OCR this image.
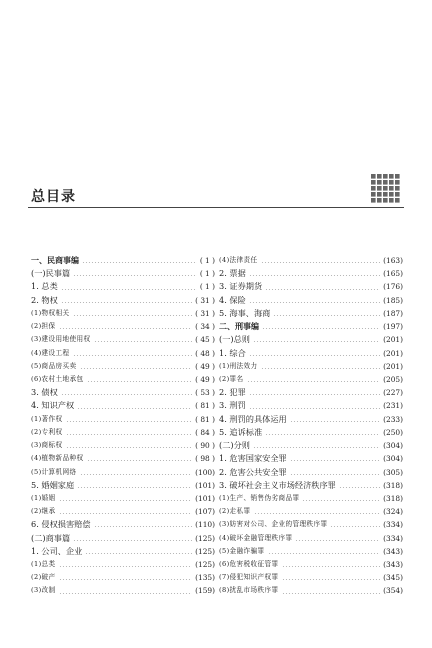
总目录
一、民商事编	( 1 )
(一)民事篇	( 1 )
1. 总类	( 1 )
2. 物权	( 31 )
(1)物权相关	( 31 )
(2)担保	( 34 )
(3)建设用地使用权	( 45 )
(4)建设工程	( 48 )
(5)商品房买卖	( 49 )
(6)农村土地承包	( 49 )
3. 债权	( 53 )
4. 知识产权	( 81 )
(1)著作权	( 81 )
(2)专利权	( 84 )
(3)商标权	( 90 )
(4)植物新品种权	( 98 )
(5)计算机网络	(100)
5. 婚姻家庭	(101)
(1)婚姻	(101)
(2)继承	(107)
6. 侵权损害赔偿	(110)
(二)商事篇	(125)
1. 公司、企业	(125)
(1)总类	(125)
(2)破产	(135)
(3)改制	(159)
(4)法律责任	(163)
2. 票据	(165)
3. 证券期货	(176)
4. 保险	(185)
5. 海事、海商	(187)
二、刑事编	(197)
(一)总则	(201)
1. 综合	(201)
(1)刑法效力	(201)
(2)罪名	(205)
2. 犯罪	(227)
3. 刑罚	(231)
4. 刑罚的具体运用	(233)
5. 追诉标准	(250)
(二)分则	(304)
1. 危害国家安全罪	(304)
2. 危害公共安全罪	(305)
3. 破坏社会主义市场经济秩序罪	(318)
(1)生产、销售伪劣商品罪	(318)
(2)走私罪	(324)
(3)妨害对公司、企业的管理秩序罪	(334)
(4)破坏金融管理秩序罪	(334)
(5)金融诈骗罪	(343)
(6)危害税收征管罪	(343)
(7)侵犯知识产权罪	(345)
(8)扰乱市场秩序罪	(354)
